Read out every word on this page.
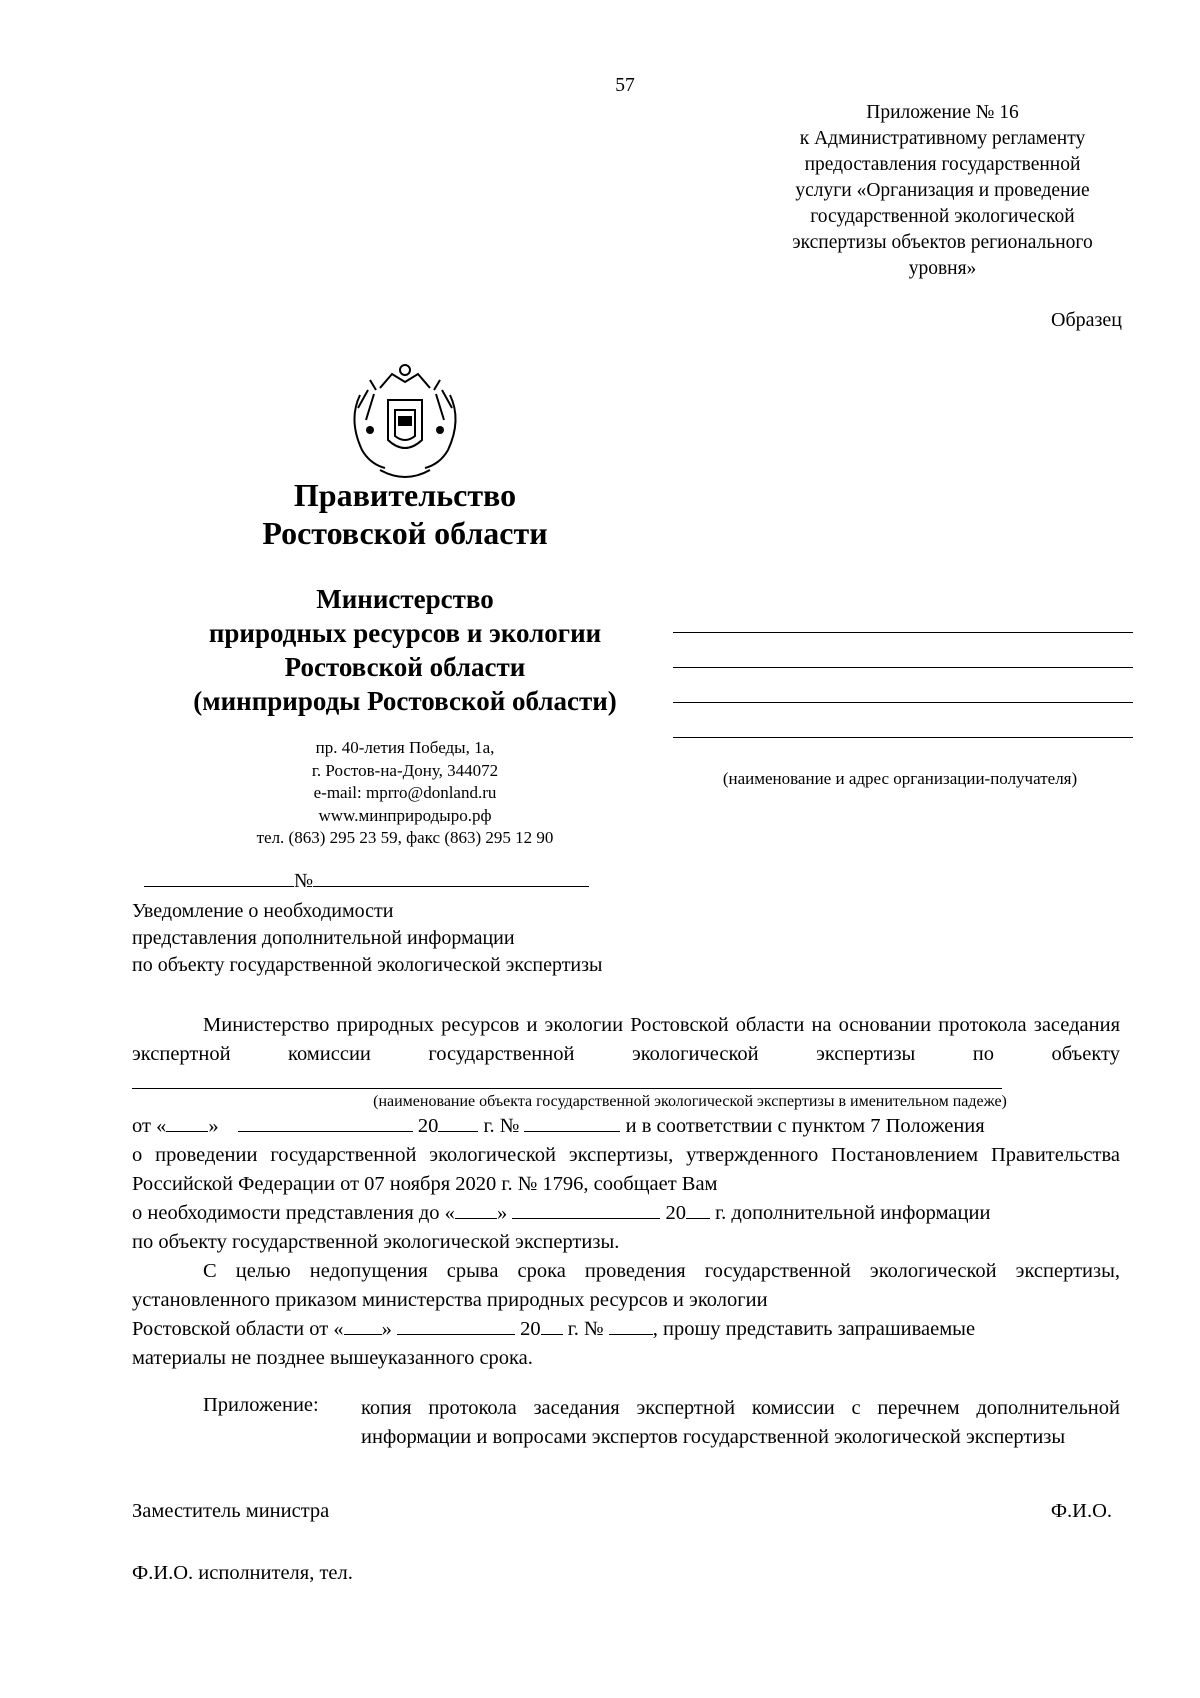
57
Приложение № 16
к Административному регламенту
предоставления государственной
услуги «Организация и проведение
государственной экологической
экспертизы объектов регионального
уровня»
Образец
Правительство
Ростовской области
Министерство
природных ресурсов и экологии
Ростовской области
(минприроды Ростовской области)
пр. 40-летия Победы, 1а,
г. Ростов-на-Дону, 344072
e-mail: mprro@donland.ru
www.минприродыро.рф
тел. (863) 295 23 59, факс (863) 295 12 90
(наименование и адрес организации-получателя)
№
Уведомление о необходимости
представления дополнительной информации
по объекту государственной экологической экспертизы
Министерство природных ресурсов и экологии Ростовской области на основании протокола заседания экспертной комиссии государственной экологической экспертизы по объекту
(наименование объекта государственной экологической экспертизы в именительном падеже)
от « »	20 г. №	и в соответствии с пунктом 7 Положения
о проведении государственной экологической экспертизы, утвержденного Постановлением Правительства Российской Федерации от 07 ноября 2020 г. № 1796, сообщает Вам
о необходимости представления до « »	20 г. дополнительной информации
по объекту государственной экологической экспертизы.
С целью недопущения срыва срока проведения государственной экологической экспертизы, установленного приказом министерства природных ресурсов и экологии
Ростовской области от « »	20 г. № , прошу представить запрашиваемые
материалы не позднее вышеуказанного срока.
Приложение: копия протокола заседания экспертной комиссии с перечнем дополнительной информации и вопросами экспертов государственной экологической экспертизы
Заместитель министра	Ф.И.О.
Ф.И.О. исполнителя, тел.
